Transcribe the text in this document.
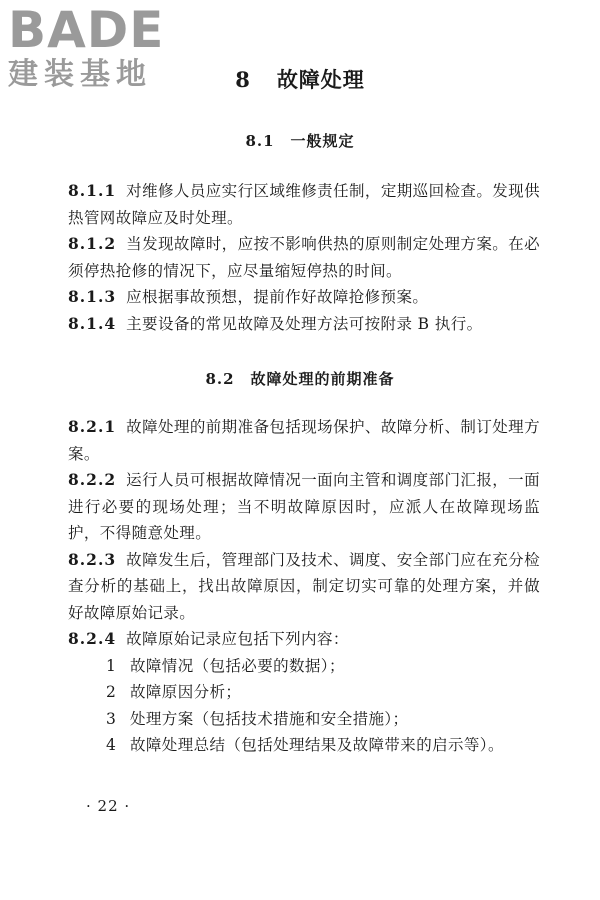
BADE
建装基地	8 故障处理
8.1 一般规定
8.1.1 对维修人员应实行区域维修责任制，定期巡回检查。发现供热管网故障应及时处理。
8.1.2 当发现故障时，应按不影响供热的原则制定处理方案。在必须停热抢修的情况下，应尽量缩短停热的时间。
8.1.3 应根据事故预想，提前作好故障抢修预案。
8.1.4 主要设备的常见故障及处理方法可按附录 B 执行。
8.2 故障处理的前期准备
8.2.1 故障处理的前期准备包括现场保护、故障分析、制订处理方案。
8.2.2 运行人员可根据故障情况一面向主管和调度部门汇报，一面进行必要的现场处理；当不明故障原因时，应派人在故障现场监护，不得随意处理。
8.2.3 故障发生后，管理部门及技术、调度、安全部门应在充分检查分析的基础上，找出故障原因，制定切实可靠的处理方案，并做好故障原始记录。
8.2.4 故障原始记录应包括下列内容：
1 故障情况（包括必要的数据）；
2 故障原因分析；
3 处理方案（包括技术措施和安全措施）；
4 故障处理总结（包括处理结果及故障带来的启示等）。
· 22 ·
